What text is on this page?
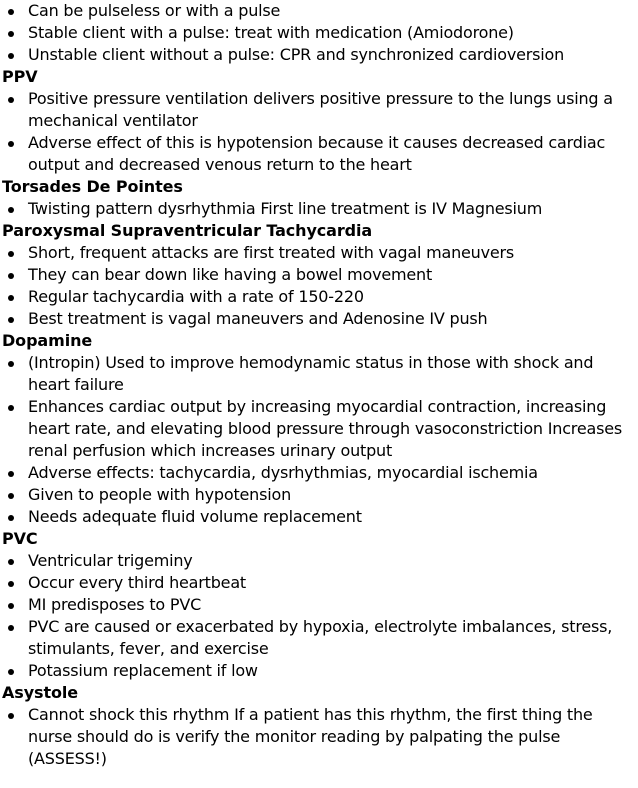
Can be pulseless or with a pulse
Stable client with a pulse: treat with medication (Amiodorone)
Unstable client without a pulse: CPR and synchronized cardioversion

PPV

Positive pressure ventilation delivers positive pressure to the lungs using a mechanical ventilator
Adverse effect of this is hypotension because it causes decreased cardiac output and decreased venous return to the heart

Torsades De Pointes

Twisting pattern dysrhythmia First line treatment is IV Magnesium

Paroxysmal Supraventricular Tachycardia

Short, frequent attacks are first treated with vagal maneuvers
They can bear down like having a bowel movement
Regular tachycardia with a rate of 150-220
Best treatment is vagal maneuvers and Adenosine IV push

Dopamine

(Intropin) Used to improve hemodynamic status in those with shock and heart failure
Enhances cardiac output by increasing myocardial contraction, increasing heart rate, and elevating blood pressure through vasoconstriction Increases renal perfusion which increases urinary output
Adverse effects: tachycardia, dysrhythmias, myocardial ischemia
Given to people with hypotension
Needs adequate fluid volume replacement

PVC

Ventricular trigeminy
Occur every third heartbeat
MI predisposes to PVC
PVC are caused or exacerbated by hypoxia, electrolyte imbalances, stress, stimulants, fever, and exercise
Potassium replacement if low

Asystole

Cannot shock this rhythm If a patient has this rhythm, the first thing the nurse should do is verify the monitor reading by palpating the pulse (ASSESS!)
